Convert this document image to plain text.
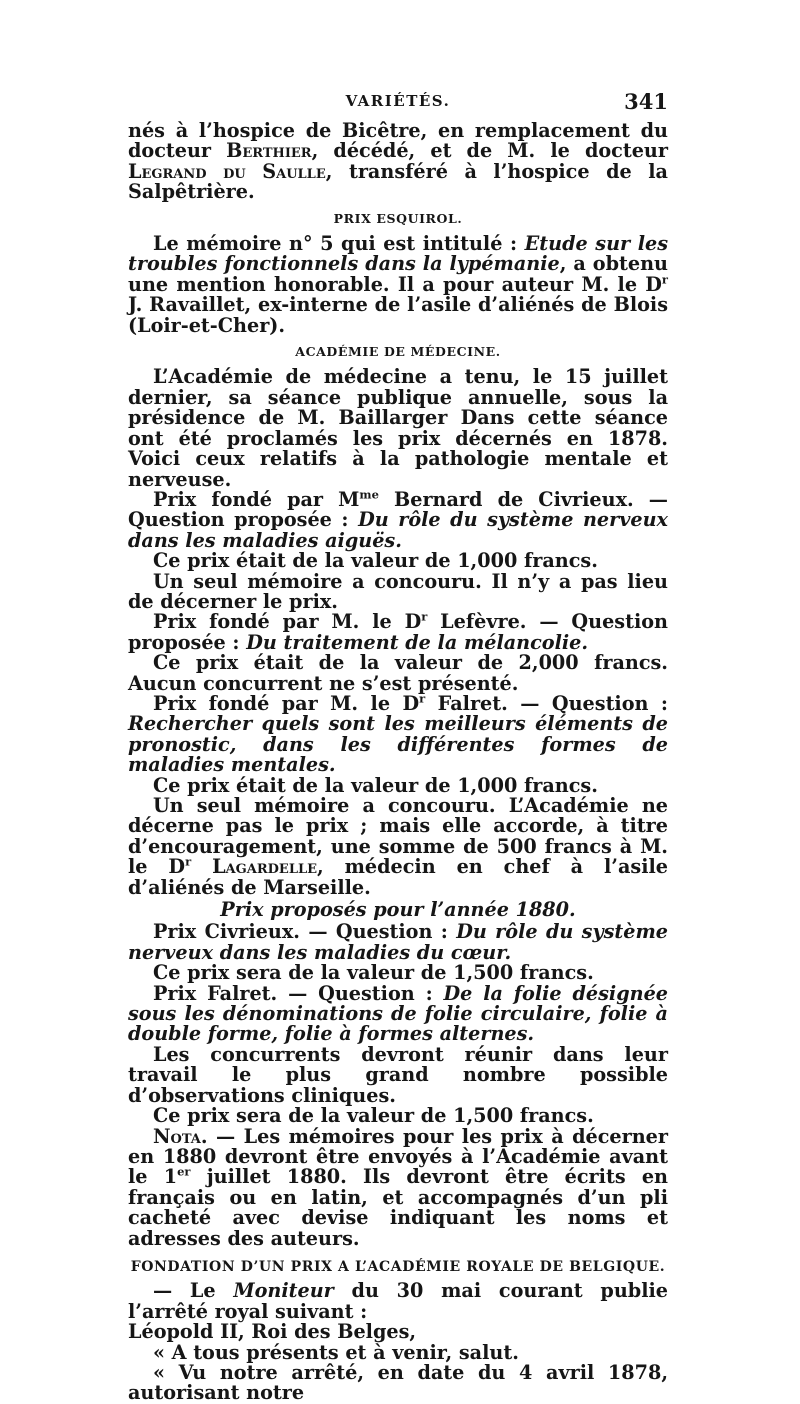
VARIÉTÉS.	341

nés à l’hospice de Bicêtre, en remplacement du docteur Berthier, décédé, et de M. le docteur Legrand du Saulle, transféré à l’hospice de la Salpêtrière.

PRIX ESQUIROL.

Le mémoire n° 5 qui est intitulé : Etude sur les troubles fonctionnels dans la lypémanie, a obtenu une mention honorable. Il a pour auteur M. le $D^r$ J. Ravaillet, ex-interne de l’asile d’aliénés de Blois (Loir-et-Cher).

ACADÉMIE DE MÉDECINE.

L’Académie de médecine a tenu, le 15 juillet dernier, sa séance publique annuelle, sous la présidence de M. Baillarger Dans cette séance ont été proclamés les prix décernés en 1878. Voici ceux relatifs à la pathologie mentale et nerveuse.

Prix fondé par $M^{me}$ Bernard de Civrieux. — Question proposée : Du rôle du système nerveux dans les maladies aiguës.

Ce prix était de la valeur de 1,000 francs.

Un seul mémoire a concouru. Il n’y a pas lieu de décerner le prix.

Prix fondé par M. le $D^r$ Lefèvre. — Question proposée : Du traitement de la mélancolie.

Ce prix était de la valeur de 2,000 francs. Aucun concurrent ne s’est présenté.

Prix fondé par M. le $D^r$ Falret. — Question : Rechercher quels sont les meilleurs éléments de pronostic, dans les différentes formes de maladies mentales.

Ce prix était de la valeur de 1,000 francs.

Un seul mémoire a concouru. L’Académie ne décerne pas le prix ; mais elle accorde, à titre d’encouragement, une somme de 500 francs à M. le $D^r$ Lagardelle, médecin en chef à l’asile d’aliénés de Marseille.

Prix proposés pour l’année 1880.

Prix Civrieux. — Question : Du rôle du système nerveux dans les maladies du cœur.

Ce prix sera de la valeur de 1,500 francs.

Prix Falret. — Question : De la folie désignée sous les dénominations de folie circulaire, folie à double forme, folie à formes alternes.

Les concurrents devront réunir dans leur travail le plus grand nombre possible d’observations cliniques.

Ce prix sera de la valeur de 1,500 francs.

Nota. — Les mémoires pour les prix à décerner en 1880 devront être envoyés à l’Académie avant le 1er juillet 1880. Ils devront être écrits en français ou en latin, et accompagnés d’un pli cacheté avec devise indiquant les noms et adresses des auteurs.

FONDATION D’UN PRIX A L’ACADÉMIE ROYALE DE BELGIQUE.

— Le Moniteur du 30 mai courant publie l’arrêté royal suivant :

Léopold II, Roi des Belges,

« A tous présents et à venir, salut.

« Vu notre arrêté, en date du 4 avril 1878, autorisant notre
